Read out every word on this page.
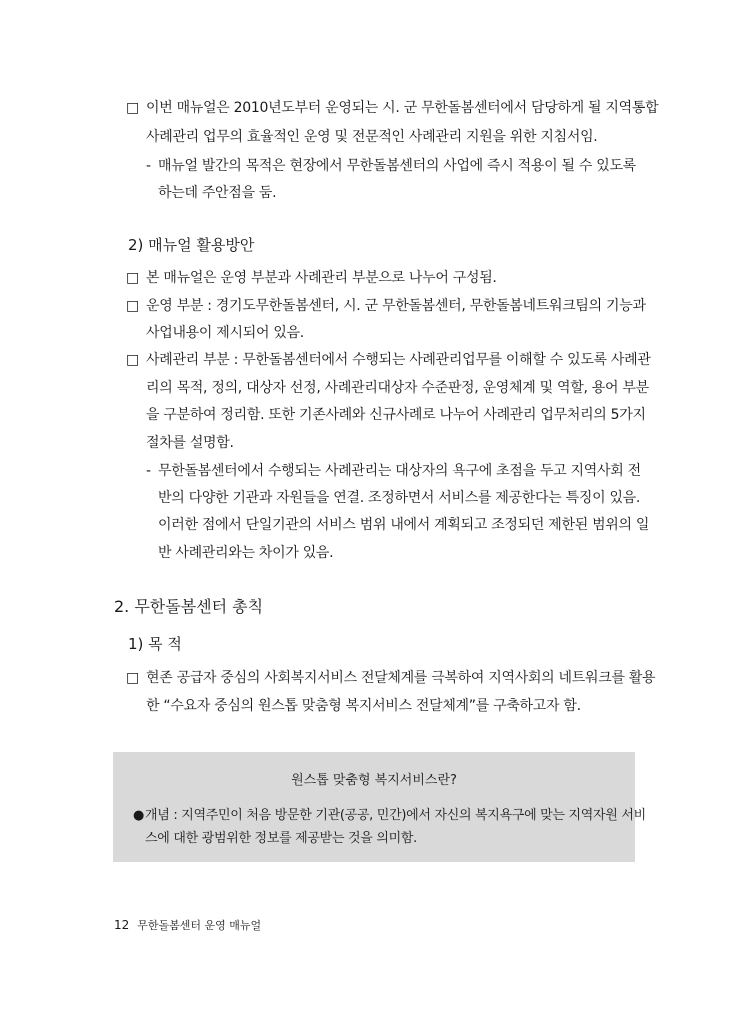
□ 이번 매뉴얼은 2010년도부터 운영되는 시. 군 무한돌봄센터에서 담당하게 될 지역통합
사례관리 업무의 효율적인 운영 및 전문적인 사례관리 지원을 위한 지침서임.
- 매뉴얼 발간의 목적은 현장에서 무한돌봄센터의 사업에 즉시 적용이 될 수 있도록
하는데 주안점을 둠.
2) 매뉴얼 활용방안
□ 본 매뉴얼은 운영 부분과 사례관리 부분으로 나누어 구성됨.
□ 운영 부분 : 경기도무한돌봄센터, 시. 군 무한돌봄센터, 무한돌봄네트워크팀의 기능과
사업내용이 제시되어 있음.
□ 사례관리 부분 : 무한돌봄센터에서 수행되는 사례관리업무를 이해할 수 있도록 사례관
리의 목적, 정의, 대상자 선정, 사례관리대상자 수준판정, 운영체계 및 역할, 용어 부분
을 구분하여 정리함. 또한 기존사례와 신규사례로 나누어 사례관리 업무처리의 5가지
절차를 설명함.
- 무한돌봄센터에서 수행되는 사례관리는 대상자의 욕구에 초점을 두고 지역사회 전
반의 다양한 기관과 자원들을 연결. 조정하면서 서비스를 제공한다는 특징이 있음.
이러한 점에서 단일기관의 서비스 범위 내에서 계획되고 조정되던 제한된 범위의 일
반 사례관리와는 차이가 있음.
2. 무한돌봄센터 총칙
1) 목 적
□ 현존 공급자 중심의 사회복지서비스 전달체계를 극복하여 지역사회의 네트워크를 활용
한 “수요자 중심의 원스톱 맞춤형 복지서비스 전달체계”를 구축하고자 함.
원스톱 맞춤형 복지서비스란?
● 개념 : 지역주민이 처음 방문한 기관(공공, 민간)에서 자신의 복지욕구에 맞는 지역자원 서비
스에 대한 광범위한 정보를 제공받는 것을 의미함.
12 무한돌봄센터 운영 매뉴얼
